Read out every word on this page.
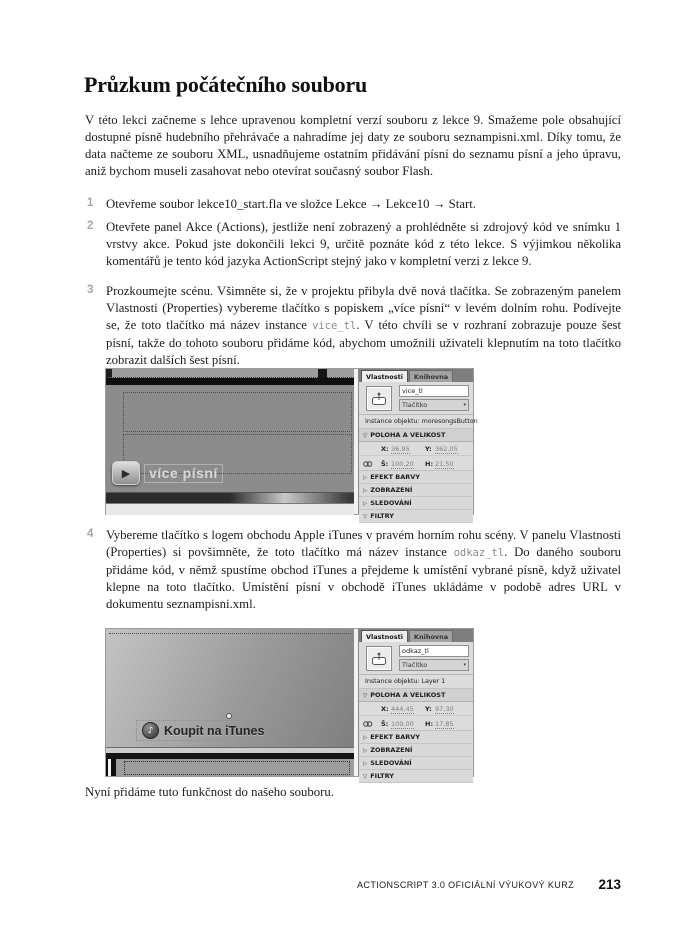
Průzkum počátečního souboru

V této lekci začneme s lehce upravenou kompletní verzí souboru z lekce 9. Smažeme pole obsahující dostupné písně hudebního přehrávače a nahradíme jej daty ze souboru seznampisni.xml. Díky tomu, že data načteme ze souboru XML, usnadňujeme ostatním přidávání písní do seznamu písní a jeho úpravu, aniž bychom museli zasahovat nebo otevírat současný soubor Flash.

1 Otevřeme soubor lekce10_start.fla ve složce Lekce → Lekce10 → Start.

2 Otevřete panel Akce (Actions), jestliže není zobrazený a prohlédněte si zdrojový kód ve snímku 1 vrstvy akce. Pokud jste dokončili lekci 9, určitě poznáte kód z této lekce. S výjimkou několika komentářů je tento kód jazyka ActionScript stejný jako v kompletní verzi z lekce 9.

3 Prozkoumejte scénu. Všimněte si, že v projektu přibyla dvě nová tlačítka. Se zobrazeným panelem Vlastnosti (Properties) vybereme tlačítko s popiskem „více písní“ v levém dolním rohu. Podívejte se, že toto tlačítko má název instance vice_tl. V této chvíli se v rozhraní zobrazuje pouze šest písní, takže do tohoto souboru přidáme kód, abychom umožnili uživateli klepnutím na toto tlačítko zobrazit dalších šest písní.

▶	více písní
Vlastnosti	Knihovna
vice_tl
Tlačítko	▾
Instance objektu: moresongsButton
▽ POLOHA A VELIKOST
X: 36,95 Y: 362,05
Š: 100,20 H: 21,50
▷ EFEKT BARVY
▷ ZOBRAZENÍ
▷ SLEDOVÁNÍ
▽ FILTRY
4 Vybereme tlačítko s logem obchodu Apple iTunes v pravém horním rohu scény. V panelu Vlastnosti (Properties) si povšimněte, že toto tlačítko má název instance odkaz_tl. Do daného souboru přidáme kód, v němž spustíme obchod iTunes a přejdeme k umístění vybrané písně, když uživatel klepne na toto tlačítko. Umístění písní v obchodě iTunes ukládáme v podobě adres URL v dokumentu seznampisni.xml.

♪ Koupit na iTunes
Vlastnosti	Knihovna
odkaz_tl
Tlačítko	▾
Instance objektu: Layer 1
▽ POLOHA A VELIKOST
X: 444,45 Y: 97,30
Š: 109,00 H: 17,85
▷ EFEKT BARVY
▷ ZOBRAZENÍ
▷ SLEDOVÁNÍ
▽ FILTRY

Nyní přidáme tuto funkčnost do našeho souboru.

ACTIONSCRIPT 3.0 OFICIÁLNÍ VÝUKOVÝ KURZ 213
